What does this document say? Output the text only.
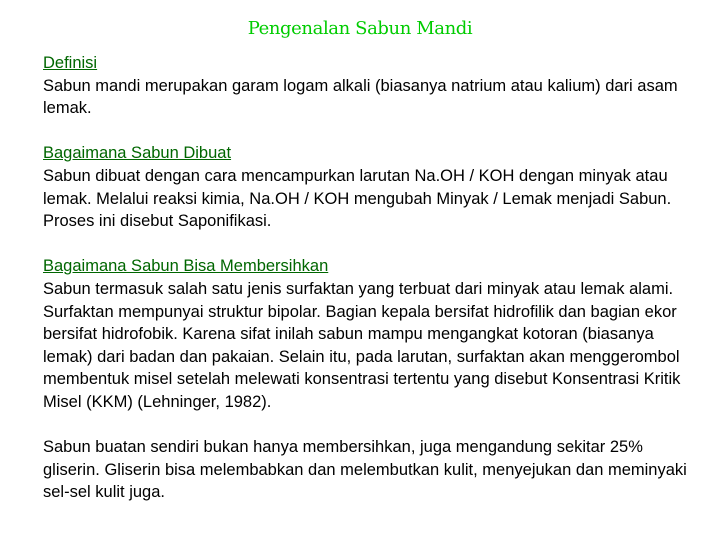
Pengenalan Sabun Mandi
Definisi
Sabun mandi merupakan garam logam alkali (biasanya natrium atau kalium) dari asam lemak.
Bagaimana Sabun Dibuat
Sabun dibuat dengan cara mencampurkan larutan Na.OH / KOH dengan minyak atau lemak. Melalui reaksi kimia, Na.OH / KOH mengubah Minyak / Lemak menjadi Sabun. Proses ini disebut Saponifikasi.
Bagaimana Sabun Bisa Membersihkan
Sabun termasuk salah satu jenis surfaktan yang terbuat dari minyak atau lemak alami. Surfaktan mempunyai struktur bipolar. Bagian kepala bersifat hidrofilik dan bagian ekor bersifat hidrofobik. Karena sifat inilah sabun mampu mengangkat kotoran (biasanya lemak) dari badan dan pakaian. Selain itu, pada larutan, surfaktan akan menggerombol membentuk misel setelah melewati konsentrasi tertentu yang disebut Konsentrasi Kritik Misel (KKM) (Lehninger, 1982).
Sabun buatan sendiri bukan hanya membersihkan, juga mengandung sekitar 25% gliserin. Gliserin bisa melembabkan dan melembutkan kulit, menyejukan dan meminyaki sel-sel kulit juga.
